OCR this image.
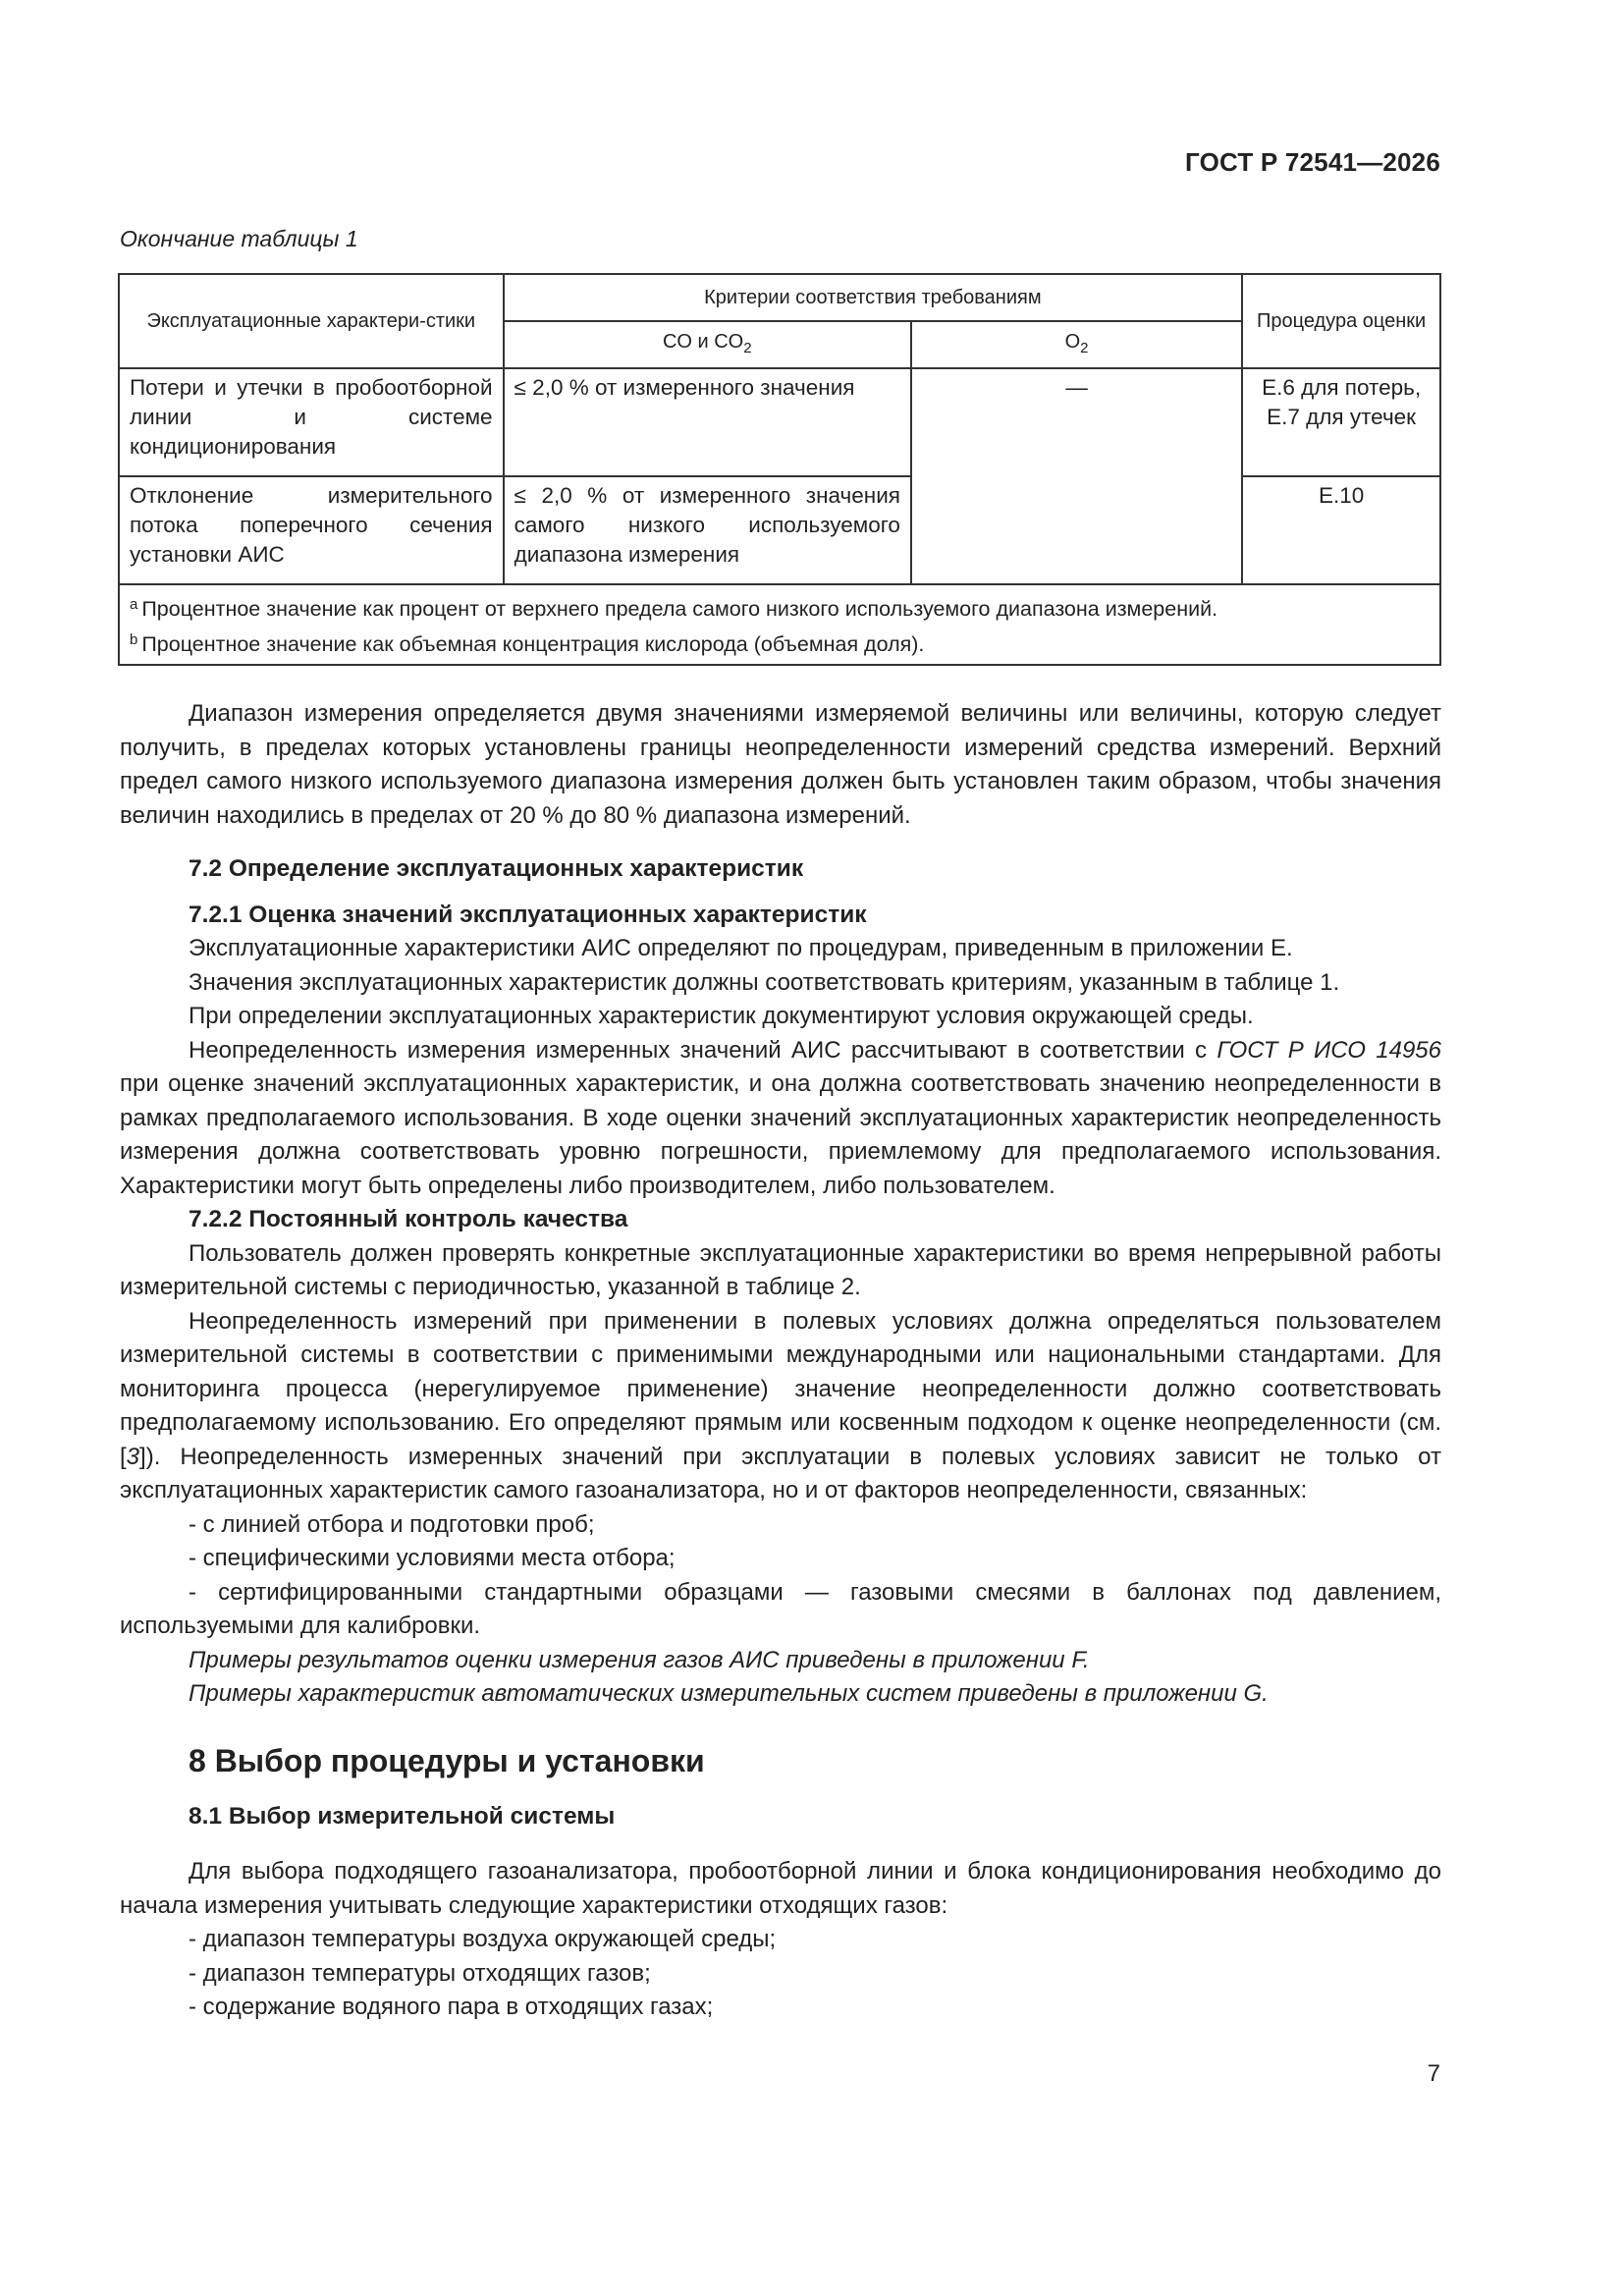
ГОСТ Р 72541—2026
Окончание таблицы 1
Эксплуатационные характери-стики	Критерии соответствия требованиям		Процедура оценки
	CO и $CO_2$	$O_2$
Потери и утечки в пробоотборной линии и системе кондиционирования	≤ 2,0 % от измеренного значения	—	E.6 для потерь,
E.7 для утечек

Отклонение измерительного потока поперечного сечения установки АИС	≤ 2,0 % от измеренного значения самого низкого используемого диапазона измерения		E.10

$^a$ Процентное значение как процент от верхнего предела самого низкого используемого диапазона измерений.
$^b$ Процентное значение как объемная концентрация кислорода (объемная доля).			

Диапазон измерения определяется двумя значениями измеряемой величины или величины, которую следует получить, в пределах которых установлены границы неопределенности измерений средства измерений. Верхний предел самого низкого используемого диапазона измерения должен быть установлен таким образом, чтобы значения величин находились в пределах от 20 % до 80 % диапазона измерений.

7.2 Определение эксплуатационных характеристик

7.2.1 Оценка значений эксплуатационных характеристик

Эксплуатационные характеристики АИС определяют по процедурам, приведенным в приложении Е.

Значения эксплуатационных характеристик должны соответствовать критериям, указанным в таблице 1.

При определении эксплуатационных характеристик документируют условия окружающей среды.

Неопределенность измерения измеренных значений АИС рассчитывают в соответствии с ГОСТ Р ИСО 14956 при оценке значений эксплуатационных характеристик, и она должна соответствовать значению неопределенности в рамках предполагаемого использования. В ходе оценки значений эксплуатационных характеристик неопределенность измерения должна соответствовать уровню погрешности, приемлемому для предполагаемого использования. Характеристики могут быть определены либо производителем, либо пользователем.

7.2.2 Постоянный контроль качества

Пользователь должен проверять конкретные эксплуатационные характеристики во время непрерывной работы измерительной системы с периодичностью, указанной в таблице 2.

Неопределенность измерений при применении в полевых условиях должна определяться пользователем измерительной системы в соответствии с применимыми международными или национальными стандартами. Для мониторинга процесса (нерегулируемое применение) значение неопределенности должно соответствовать предполагаемому использованию. Его определяют прямым или косвенным подходом к оценке неопределенности (см. [3]). Неопределенность измеренных значений при эксплуатации в полевых условиях зависит не только от эксплуатационных характеристик самого газоанализатора, но и от факторов неопределенности, связанных:

- с линией отбора и подготовки проб;

- специфическими условиями места отбора;

- сертифицированными стандартными образцами — газовыми смесями в баллонах под давлением, используемыми для калибровки.

Примеры результатов оценки измерения газов АИС приведены в приложении F.

Примеры характеристик автоматических измерительных систем приведены в приложении G.

8 Выбор процедуры и установки

8.1 Выбор измерительной системы

Для выбора подходящего газоанализатора, пробоотборной линии и блока кондиционирования необходимо до начала измерения учитывать следующие характеристики отходящих газов:

- диапазон температуры воздуха окружающей среды;

- диапазон температуры отходящих газов;

- содержание водяного пара в отходящих газах;

7
